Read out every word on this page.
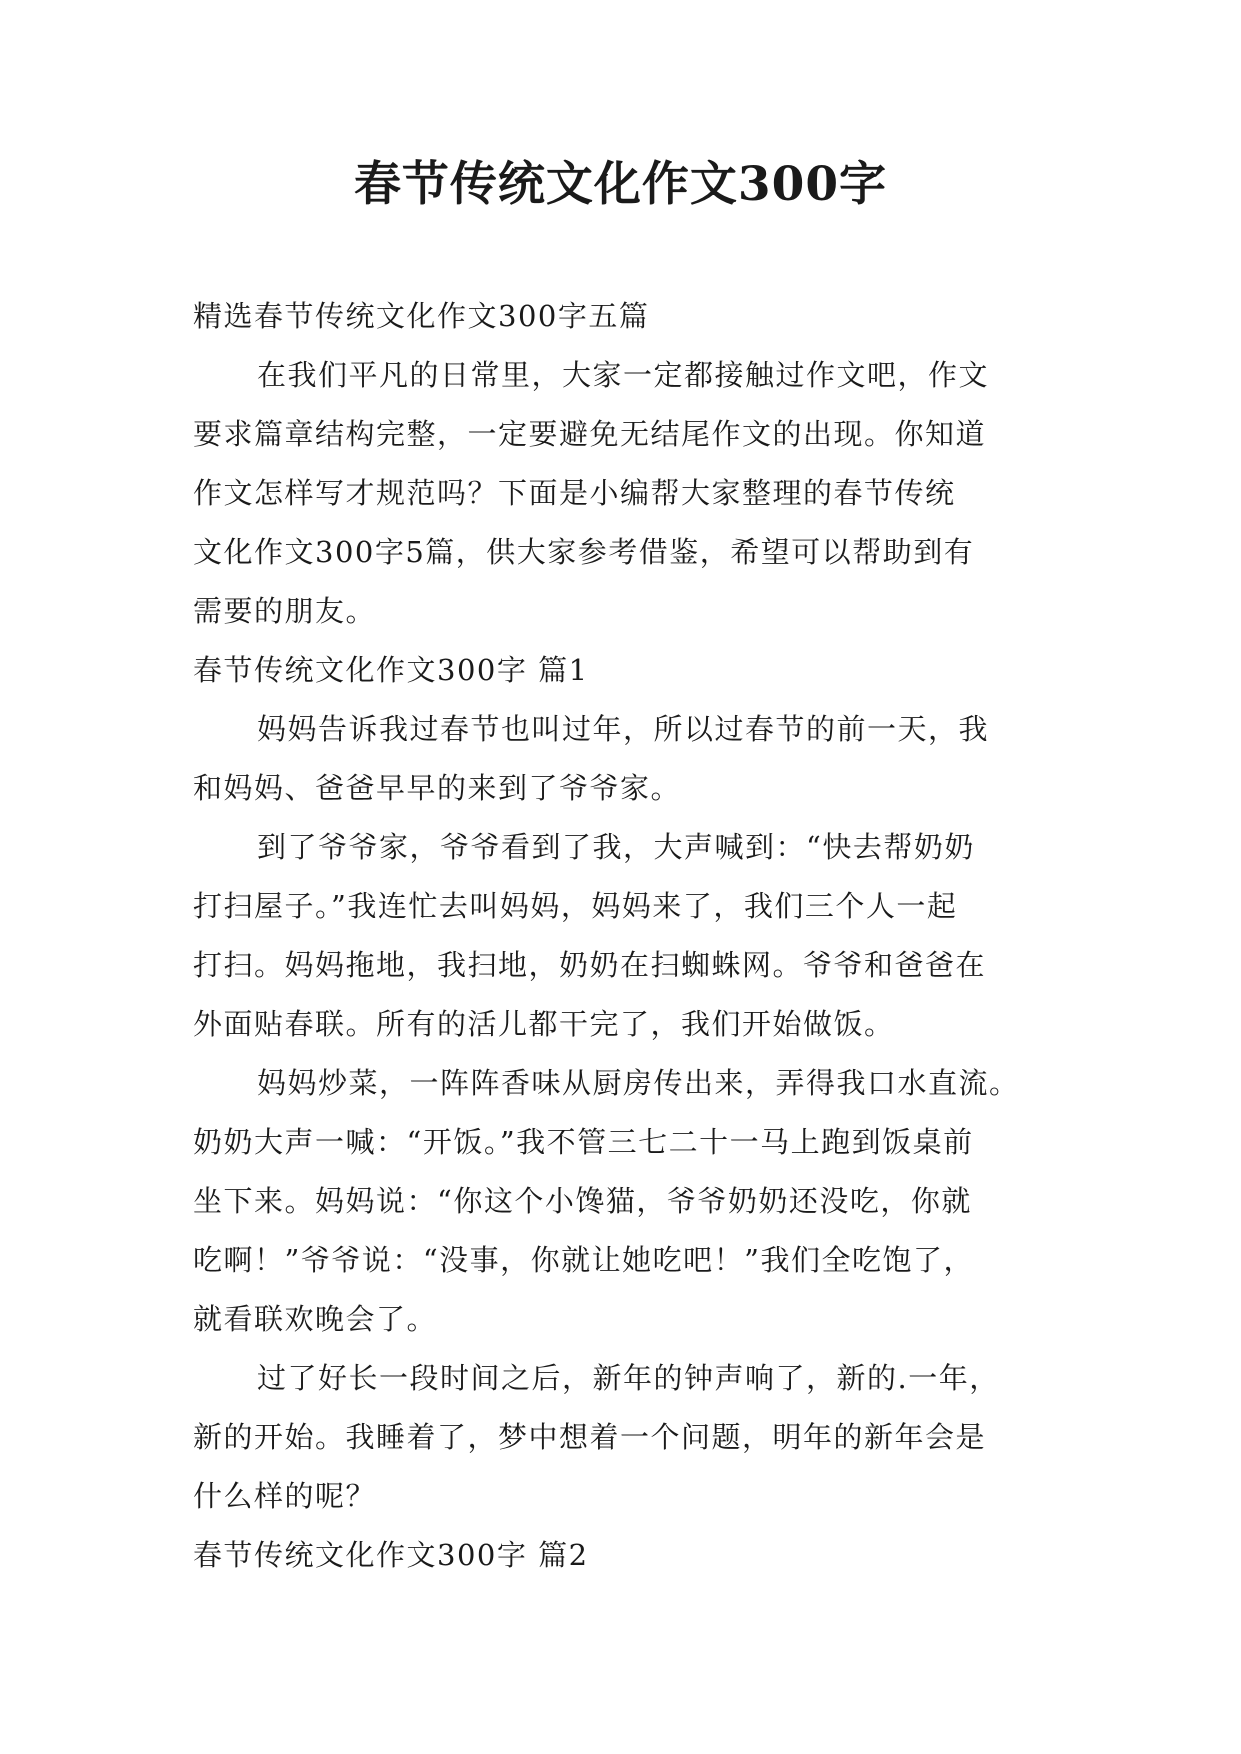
春节传统文化作文300字
精选春节传统文化作文300字五篇
在我们平凡的日常里，大家一定都接触过作文吧，作文
要求篇章结构完整，一定要避免无结尾作文的出现。你知道
作文怎样写才规范吗？下面是小编帮大家整理的春节传统
文化作文300字5篇，供大家参考借鉴，希望可以帮助到有
需要的朋友。
春节传统文化作文300字 篇1
妈妈告诉我过春节也叫过年，所以过春节的前一天，我
和妈妈、爸爸早早的来到了爷爷家。
到了爷爷家，爷爷看到了我，大声喊到：“快去帮奶奶
打扫屋子。”我连忙去叫妈妈，妈妈来了，我们三个人一起
打扫。妈妈拖地，我扫地，奶奶在扫蜘蛛网。爷爷和爸爸在
外面贴春联。所有的活儿都干完了，我们开始做饭。
妈妈炒菜，一阵阵香味从厨房传出来，弄得我口水直流。
奶奶大声一喊：“开饭。”我不管三七二十一马上跑到饭桌前
坐下来。妈妈说：“你这个小馋猫，爷爷奶奶还没吃，你就
吃啊！”爷爷说：“没事，你就让她吃吧！”我们全吃饱了，
就看联欢晚会了。
过了好长一段时间之后，新年的钟声响了，新的.一年，
新的开始。我睡着了，梦中想着一个问题，明年的新年会是
什么样的呢？
春节传统文化作文300字 篇2
